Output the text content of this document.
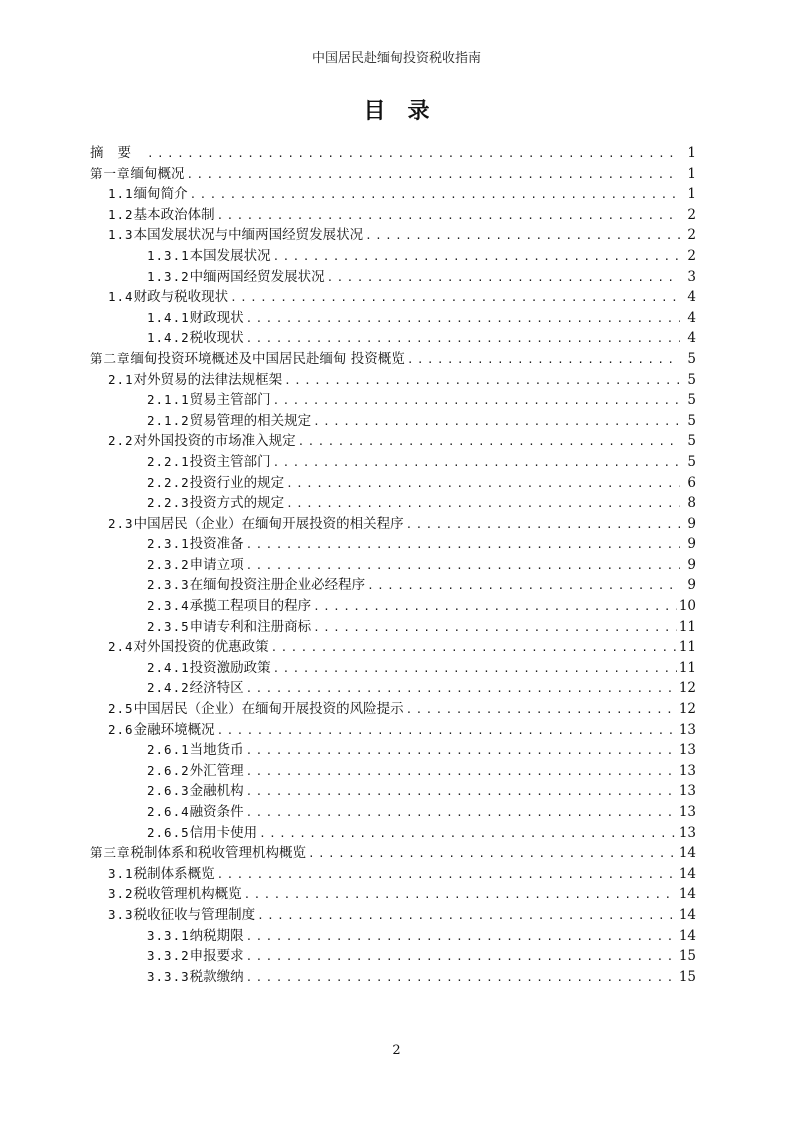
中国居民赴缅甸投资税收指南
目录
摘要 .....	1
第一章 缅甸概况 .....	1
1.1 缅甸简介 .....	1
1.2 基本政治体制 .....	2
1.3 本国发展状况与中缅两国经贸发展状况 .....	2
1.3.1 本国发展状况 .....	2
1.3.2 中缅两国经贸发展状况 .....	3
1.4 财政与税收现状 .....	4
1.4.1 财政现状 .....	4
1.4.2 税收现状 .....	4
第二章 缅甸投资环境概述及中国居民赴缅甸 投资概览 .....	5
2.1 对外贸易的法律法规框架 .....	5
2.1.1 贸易主管部门 .....	5
2.1.2 贸易管理的相关规定 .....	5
2.2 对外国投资的市场准入规定 .....	5
2.2.1 投资主管部门 .....	5
2.2.2 投资行业的规定 .....	6
2.2.3 投资方式的规定 .....	8
2.3 中国居民（企业）在缅甸开展投资的相关程序 .....	9
2.3.1 投资准备 .....	9
2.3.2 申请立项 .....	9
2.3.3 在缅甸投资注册企业必经程序 .....	9
2.3.4 承揽工程项目的程序 .....	10
2.3.5 申请专利和注册商标 .....	11
2.4 对外国投资的优惠政策 .....	11
2.4.1 投资激励政策 .....	11
2.4.2 经济特区 .....	12
2.5 中国居民（企业）在缅甸开展投资的风险提示 .....	12
2.6 金融环境概况 .....	13
2.6.1 当地货币 .....	13
2.6.2 外汇管理 .....	13
2.6.3 金融机构 .....	13
2.6.4 融资条件 .....	13
2.6.5 信用卡使用 .....	13
第三章 税制体系和税收管理机构概览 .....	14
3.1 税制体系概览 .....	14
3.2 税收管理机构概览 .....	14
3.3 税收征收与管理制度 .....	14
3.3.1 纳税期限 .....	14
3.3.2 申报要求 .....	15
3.3.3 税款缴纳 .....	15
2
